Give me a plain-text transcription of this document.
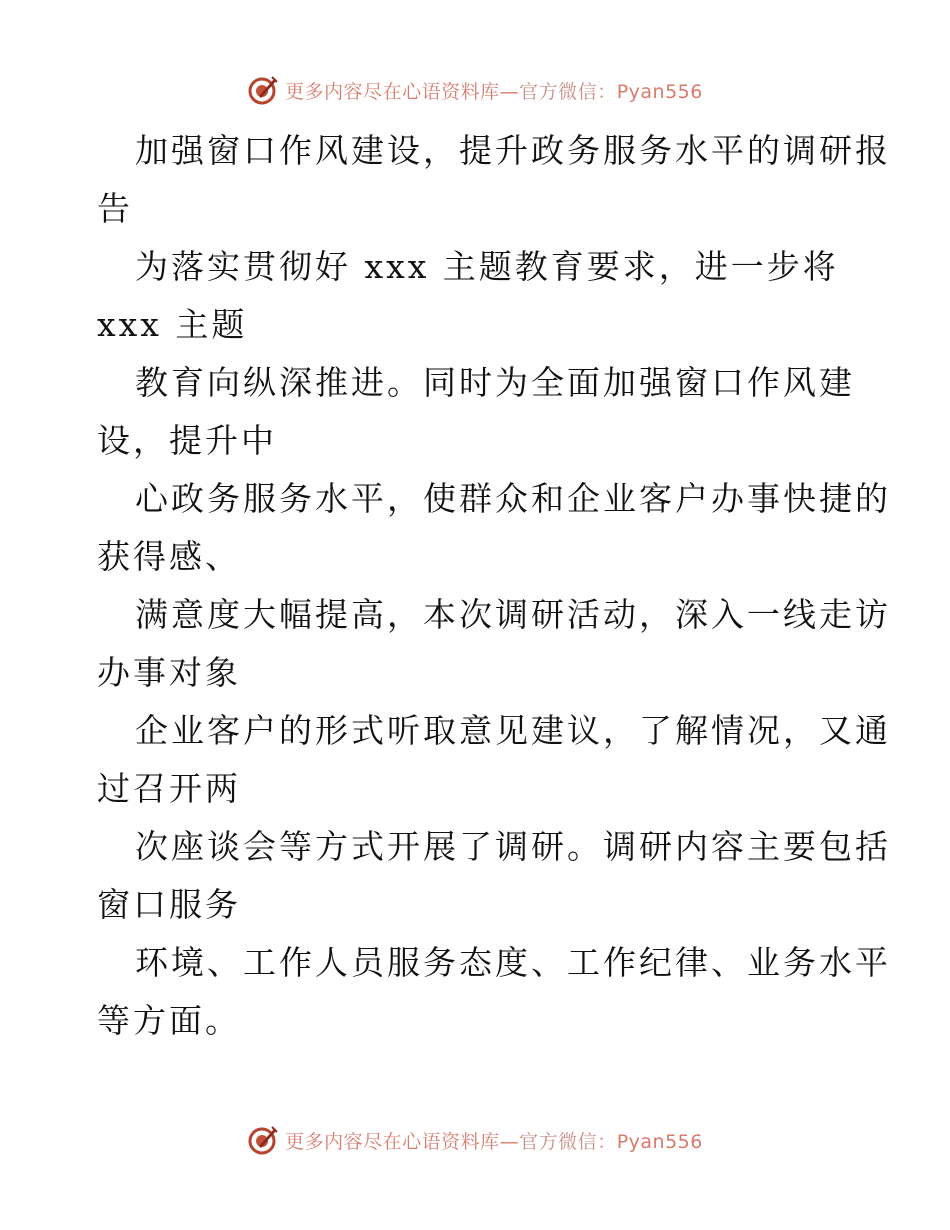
更多内容尽在心语资料库—官方微信：Pyan556
加强窗口作风建设，提升政务服务水平的调研报
告
为落实贯彻好 xxx 主题教育要求，进一步将
xxx 主题
教育向纵深推进。同时为全面加强窗口作风建
设，提升中
心政务服务水平，使群众和企业客户办事快捷的
获得感、
满意度大幅提高，本次调研活动，深入一线走访
办事对象
企业客户的形式听取意见建议，了解情况，又通
过召开两
次座谈会等方式开展了调研。调研内容主要包括
窗口服务
环境、工作人员服务态度、工作纪律、业务水平
等方面。
更多内容尽在心语资料库—官方微信：Pyan556
